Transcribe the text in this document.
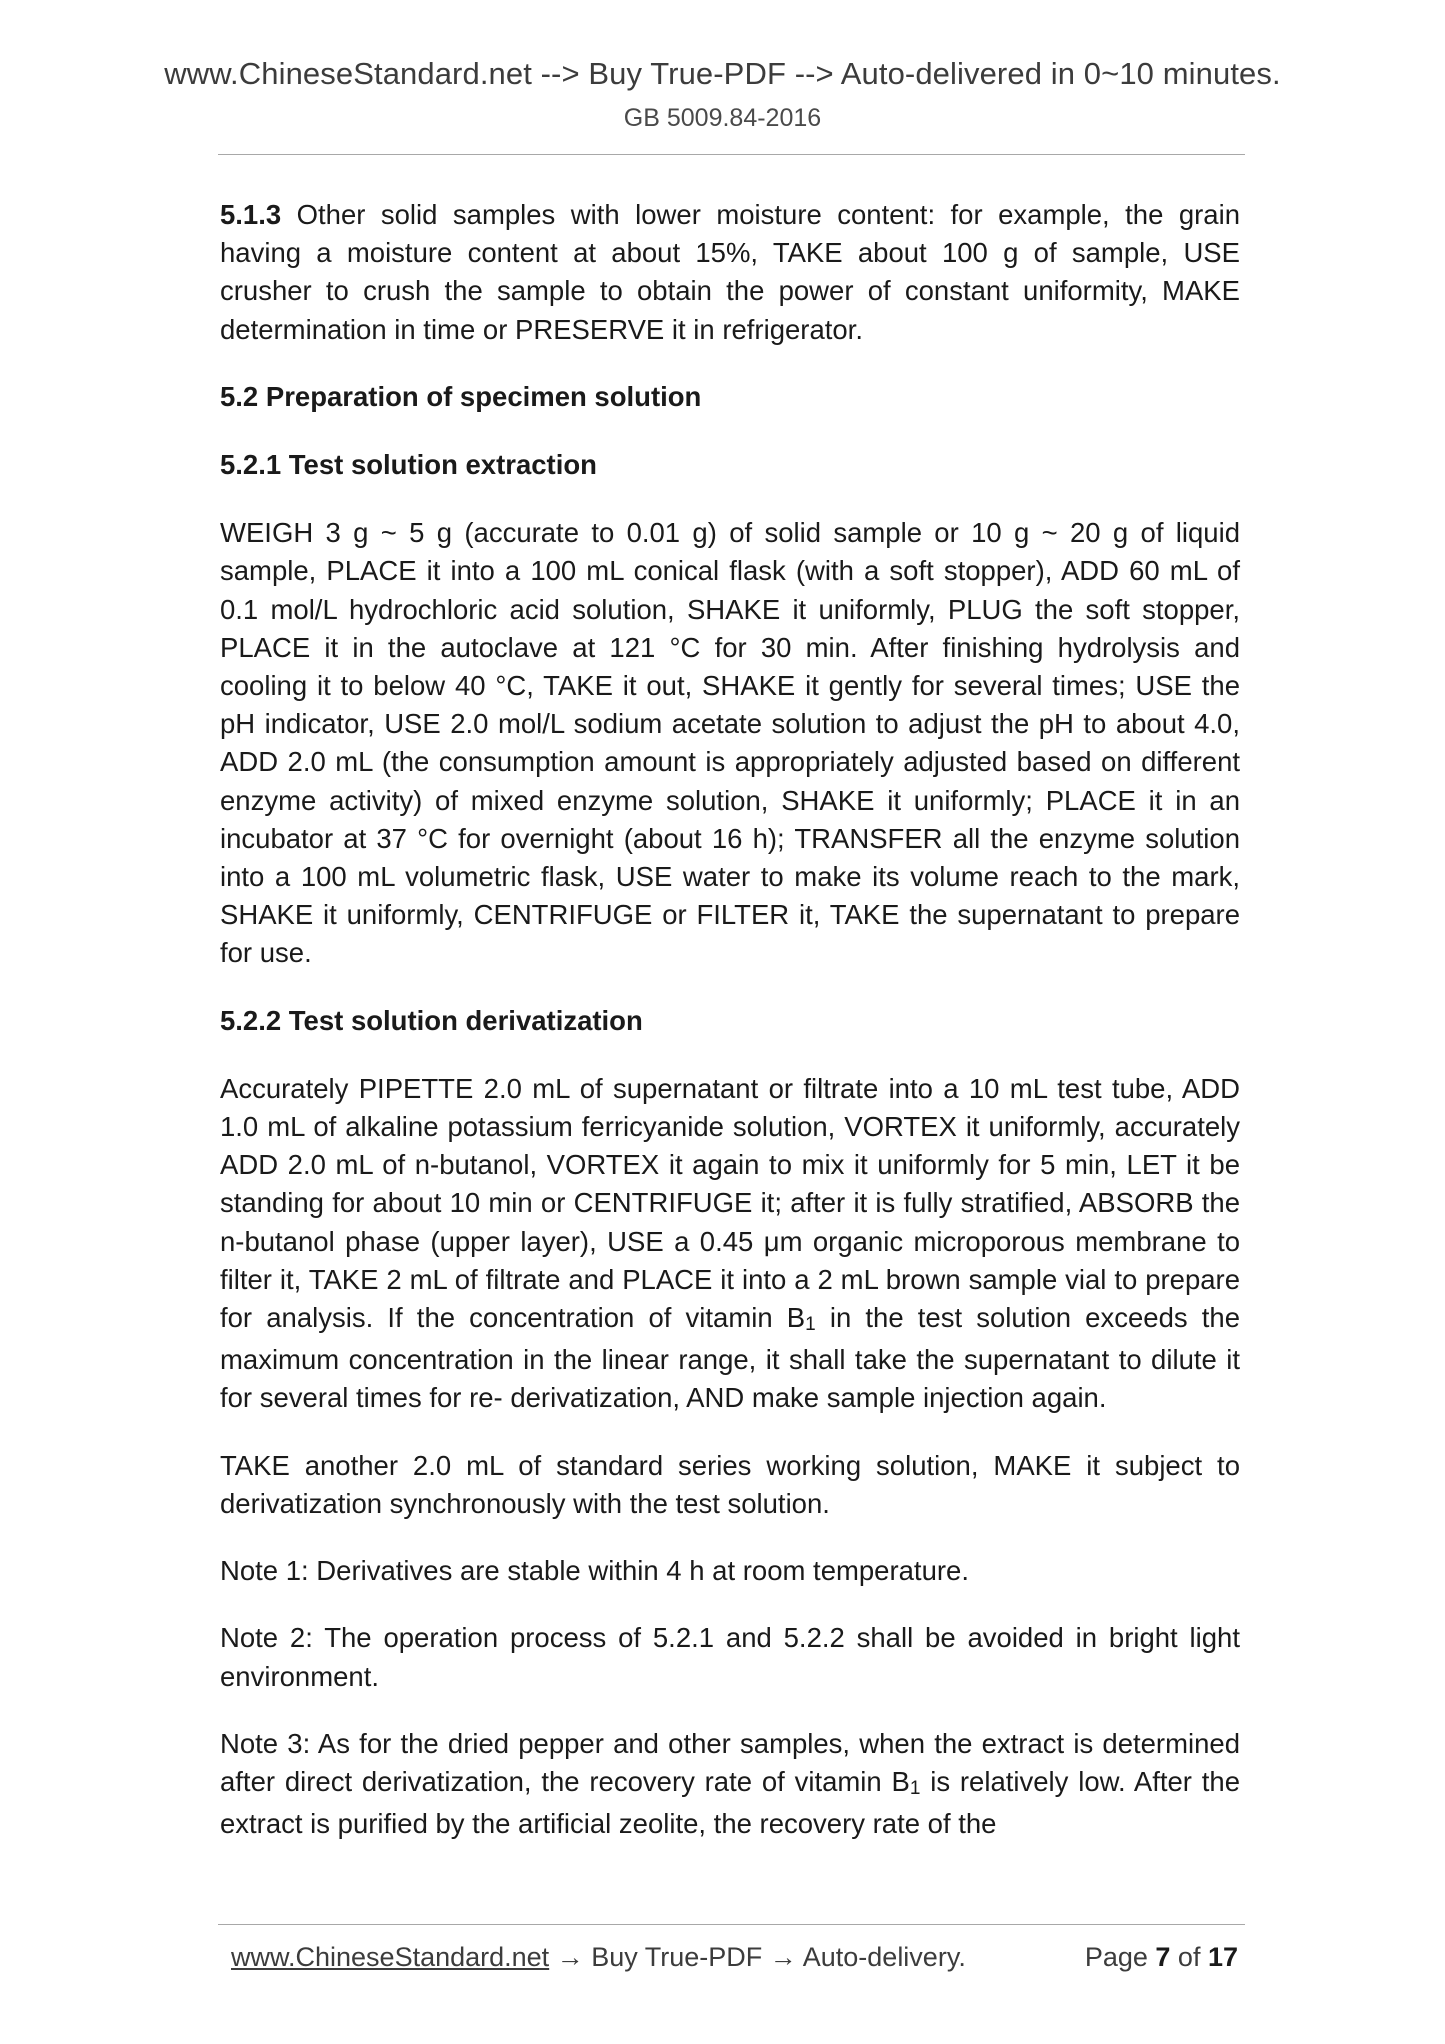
www.ChineseStandard.net --> Buy True-PDF --> Auto-delivered in 0~10 minutes.
GB 5009.84-2016

5.1.3 Other solid samples with lower moisture content: for example, the grain having a moisture content at about 15%, TAKE about 100 g of sample, USE crusher to crush the sample to obtain the power of constant uniformity, MAKE determination in time or PRESERVE it in refrigerator.

5.2 Preparation of specimen solution

5.2.1 Test solution extraction

WEIGH 3 g ~ 5 g (accurate to 0.01 g) of solid sample or 10 g ~ 20 g of liquid sample, PLACE it into a 100 mL conical flask (with a soft stopper), ADD 60 mL of 0.1 mol/L hydrochloric acid solution, SHAKE it uniformly, PLUG the soft stopper, PLACE it in the autoclave at 121 °C for 30 min. After finishing hydrolysis and cooling it to below 40 °C, TAKE it out, SHAKE it gently for several times; USE the pH indicator, USE 2.0 mol/L sodium acetate solution to adjust the pH to about 4.0, ADD 2.0 mL (the consumption amount is appropriately adjusted based on different enzyme activity) of mixed enzyme solution, SHAKE it uniformly; PLACE it in an incubator at 37 °C for overnight (about 16 h); TRANSFER all the enzyme solution into a 100 mL volumetric flask, USE water to make its volume reach to the mark, SHAKE it uniformly, CENTRIFUGE or FILTER it, TAKE the supernatant to prepare for use.

5.2.2 Test solution derivatization

Accurately PIPETTE 2.0 mL of supernatant or filtrate into a 10 mL test tube, ADD 1.0 mL of alkaline potassium ferricyanide solution, VORTEX it uniformly, accurately ADD 2.0 mL of n-butanol, VORTEX it again to mix it uniformly for 5 min, LET it be standing for about 10 min or CENTRIFUGE it; after it is fully stratified, ABSORB the n-butanol phase (upper layer), USE a 0.45 μm organic microporous membrane to filter it, TAKE 2 mL of filtrate and PLACE it into a 2 mL brown sample vial to prepare for analysis. If the concentration of vitamin $B_1$ in the test solution exceeds the maximum concentration in the linear range, it shall take the supernatant to dilute it for several times for re- derivatization, AND make sample injection again.

TAKE another 2.0 mL of standard series working solution, MAKE it subject to derivatization synchronously with the test solution.

Note 1: Derivatives are stable within 4 h at room temperature.

Note 2: The operation process of 5.2.1 and 5.2.2 shall be avoided in bright light environment.

Note 3: As for the dried pepper and other samples, when the extract is determined after direct derivatization, the recovery rate of vitamin $B_1$ is relatively low. After the extract is purified by the artificial zeolite, the recovery rate of the

www.ChineseStandard.net → Buy True-PDF → Auto-delivery.	Page 7 of 17
